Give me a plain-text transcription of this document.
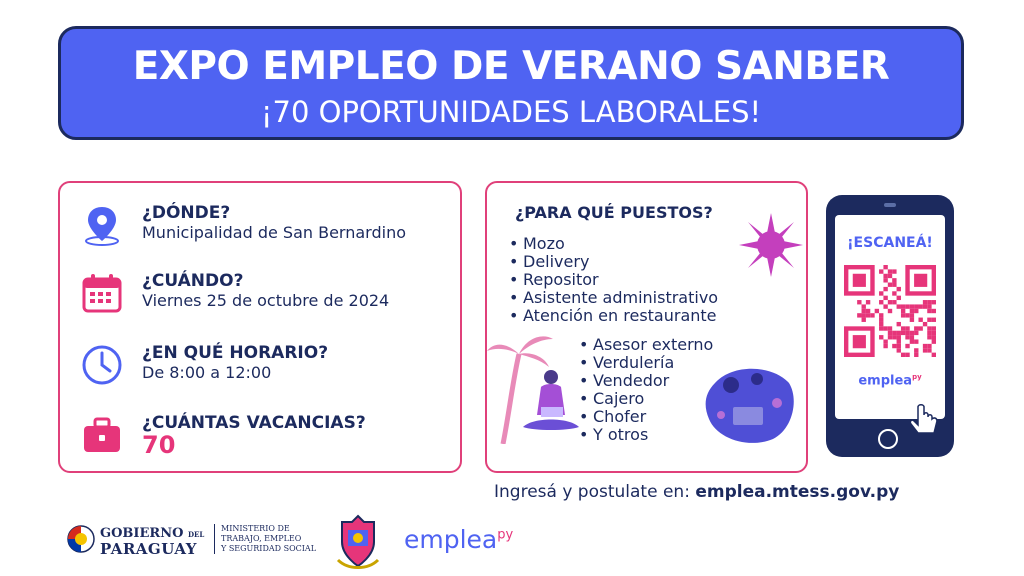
EXPO EMPLEO DE VERANO SANBER
¡70 OPORTUNIDADES LABORALES!
¿DÓNDE?
Municipalidad de San Bernardino
¿CUÁNDO?
Viernes 25 de octubre de 2024
¿EN QUÉ HORARIO?
De 8:00 a 12:00
¿CUÁNTAS VACANCIAS?
70
¿PARA QUÉ PUESTOS?
• Mozo
• Delivery
• Repositor
• Asistente administrativo
• Atención en restaurante
• Asesor externo
• Verdulería
• Vendedor
• Cajero
• Chofer
• Y otros
¡ESCANEÁ!
emplea$^{py}$
Ingresá y postulate en: emplea.mtess.gov.py
GOBIERNO DEL
PARAGUAY
MINISTERIO DE
TRABAJO, EMPLEO
Y SEGURIDAD SOCIAL	emplea$^{py}$
